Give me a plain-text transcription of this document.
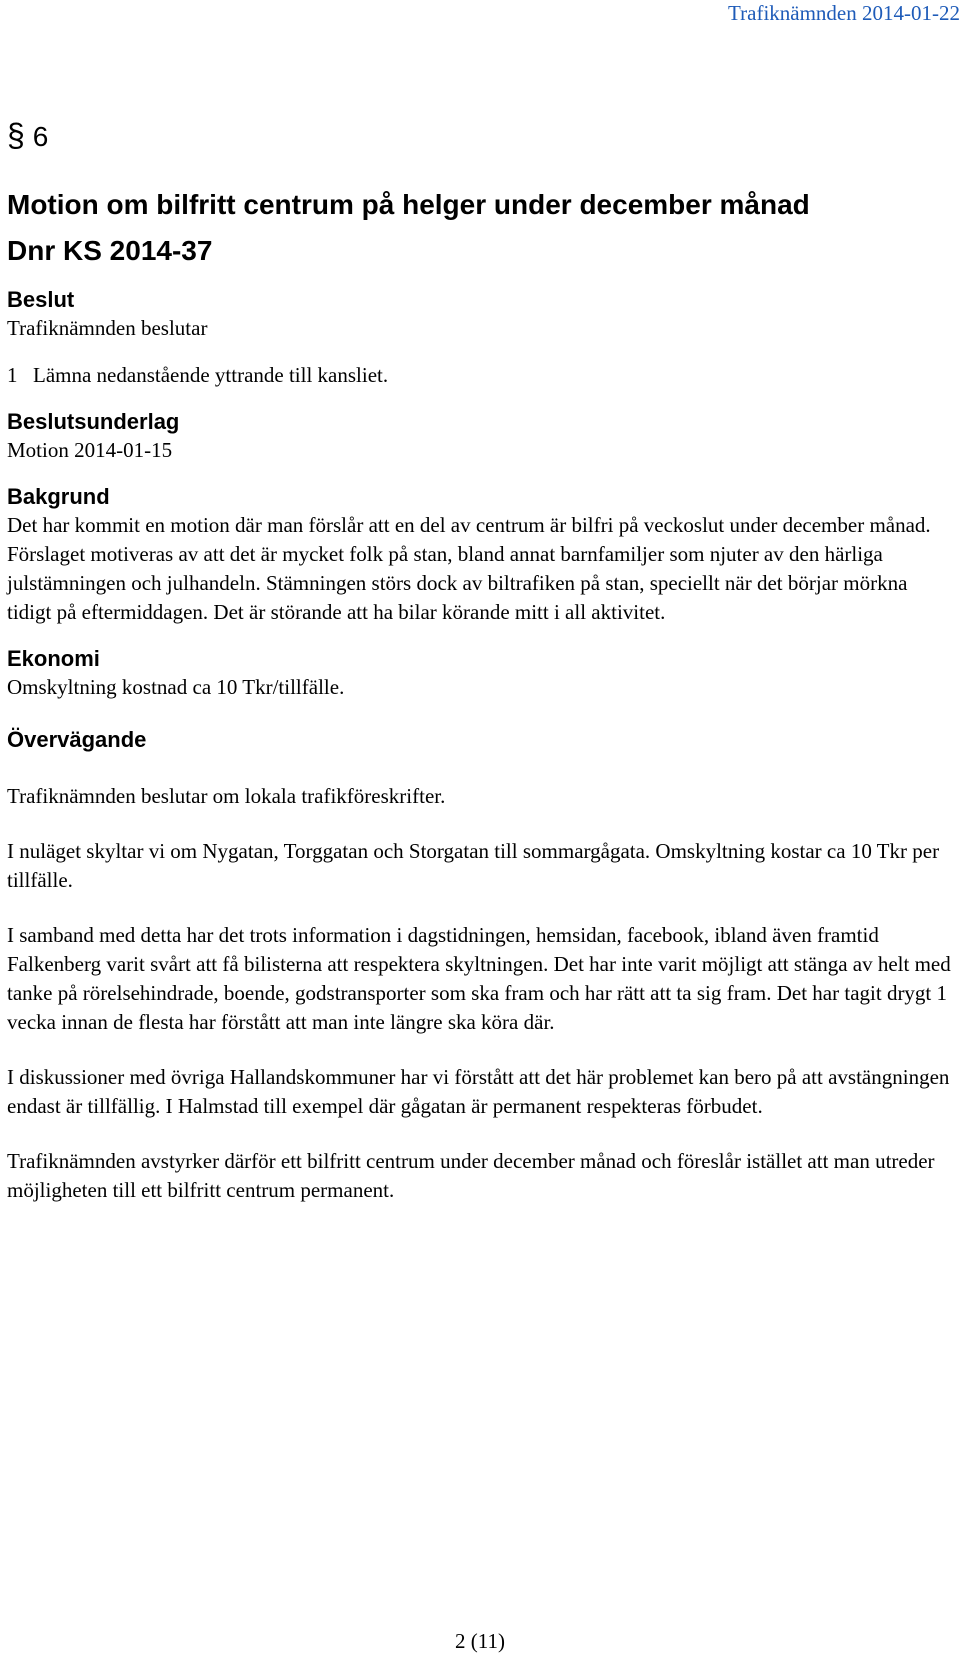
Trafiknämnden 2014-01-22
§ 6
Motion om bilfritt centrum på helger under december månad
Dnr KS 2014-37
Beslut
Trafiknämnden beslutar
1 Lämna nedanstående yttrande till kansliet.
Beslutsunderlag
Motion 2014-01-15
Bakgrund
Det har kommit en motion där man förslår att en del av centrum är bilfri på veckoslut under december månad. Förslaget motiveras av att det är mycket folk på stan, bland annat barnfamiljer som njuter av den härliga julstämningen och julhandeln. Stämningen störs dock av biltrafiken på stan, speciellt när det börjar mörkna tidigt på eftermiddagen. Det är störande att ha bilar körande mitt i all aktivitet.
Ekonomi
Omskyltning kostnad ca 10 Tkr/tillfälle.
Övervägande
Trafiknämnden beslutar om lokala trafikföreskrifter.
I nuläget skyltar vi om Nygatan, Torggatan och Storgatan till sommargågata. Omskyltning kostar ca 10 Tkr per tillfälle.
I samband med detta har det trots information i dagstidningen, hemsidan, facebook, ibland även framtid Falkenberg varit svårt att få bilisterna att respektera skyltningen. Det har inte varit möjligt att stänga av helt med tanke på rörelsehindrade, boende, godstransporter som ska fram och har rätt att ta sig fram. Det har tagit drygt 1 vecka innan de flesta har förstått att man inte längre ska köra där.
I diskussioner med övriga Hallandskommuner har vi förstått att det här problemet kan bero på att avstängningen endast är tillfällig. I Halmstad till exempel där gågatan är permanent respekteras förbudet.
Trafiknämnden avstyrker därför ett bilfritt centrum under december månad och föreslår istället att man utreder möjligheten till ett bilfritt centrum permanent.
2 (11)
